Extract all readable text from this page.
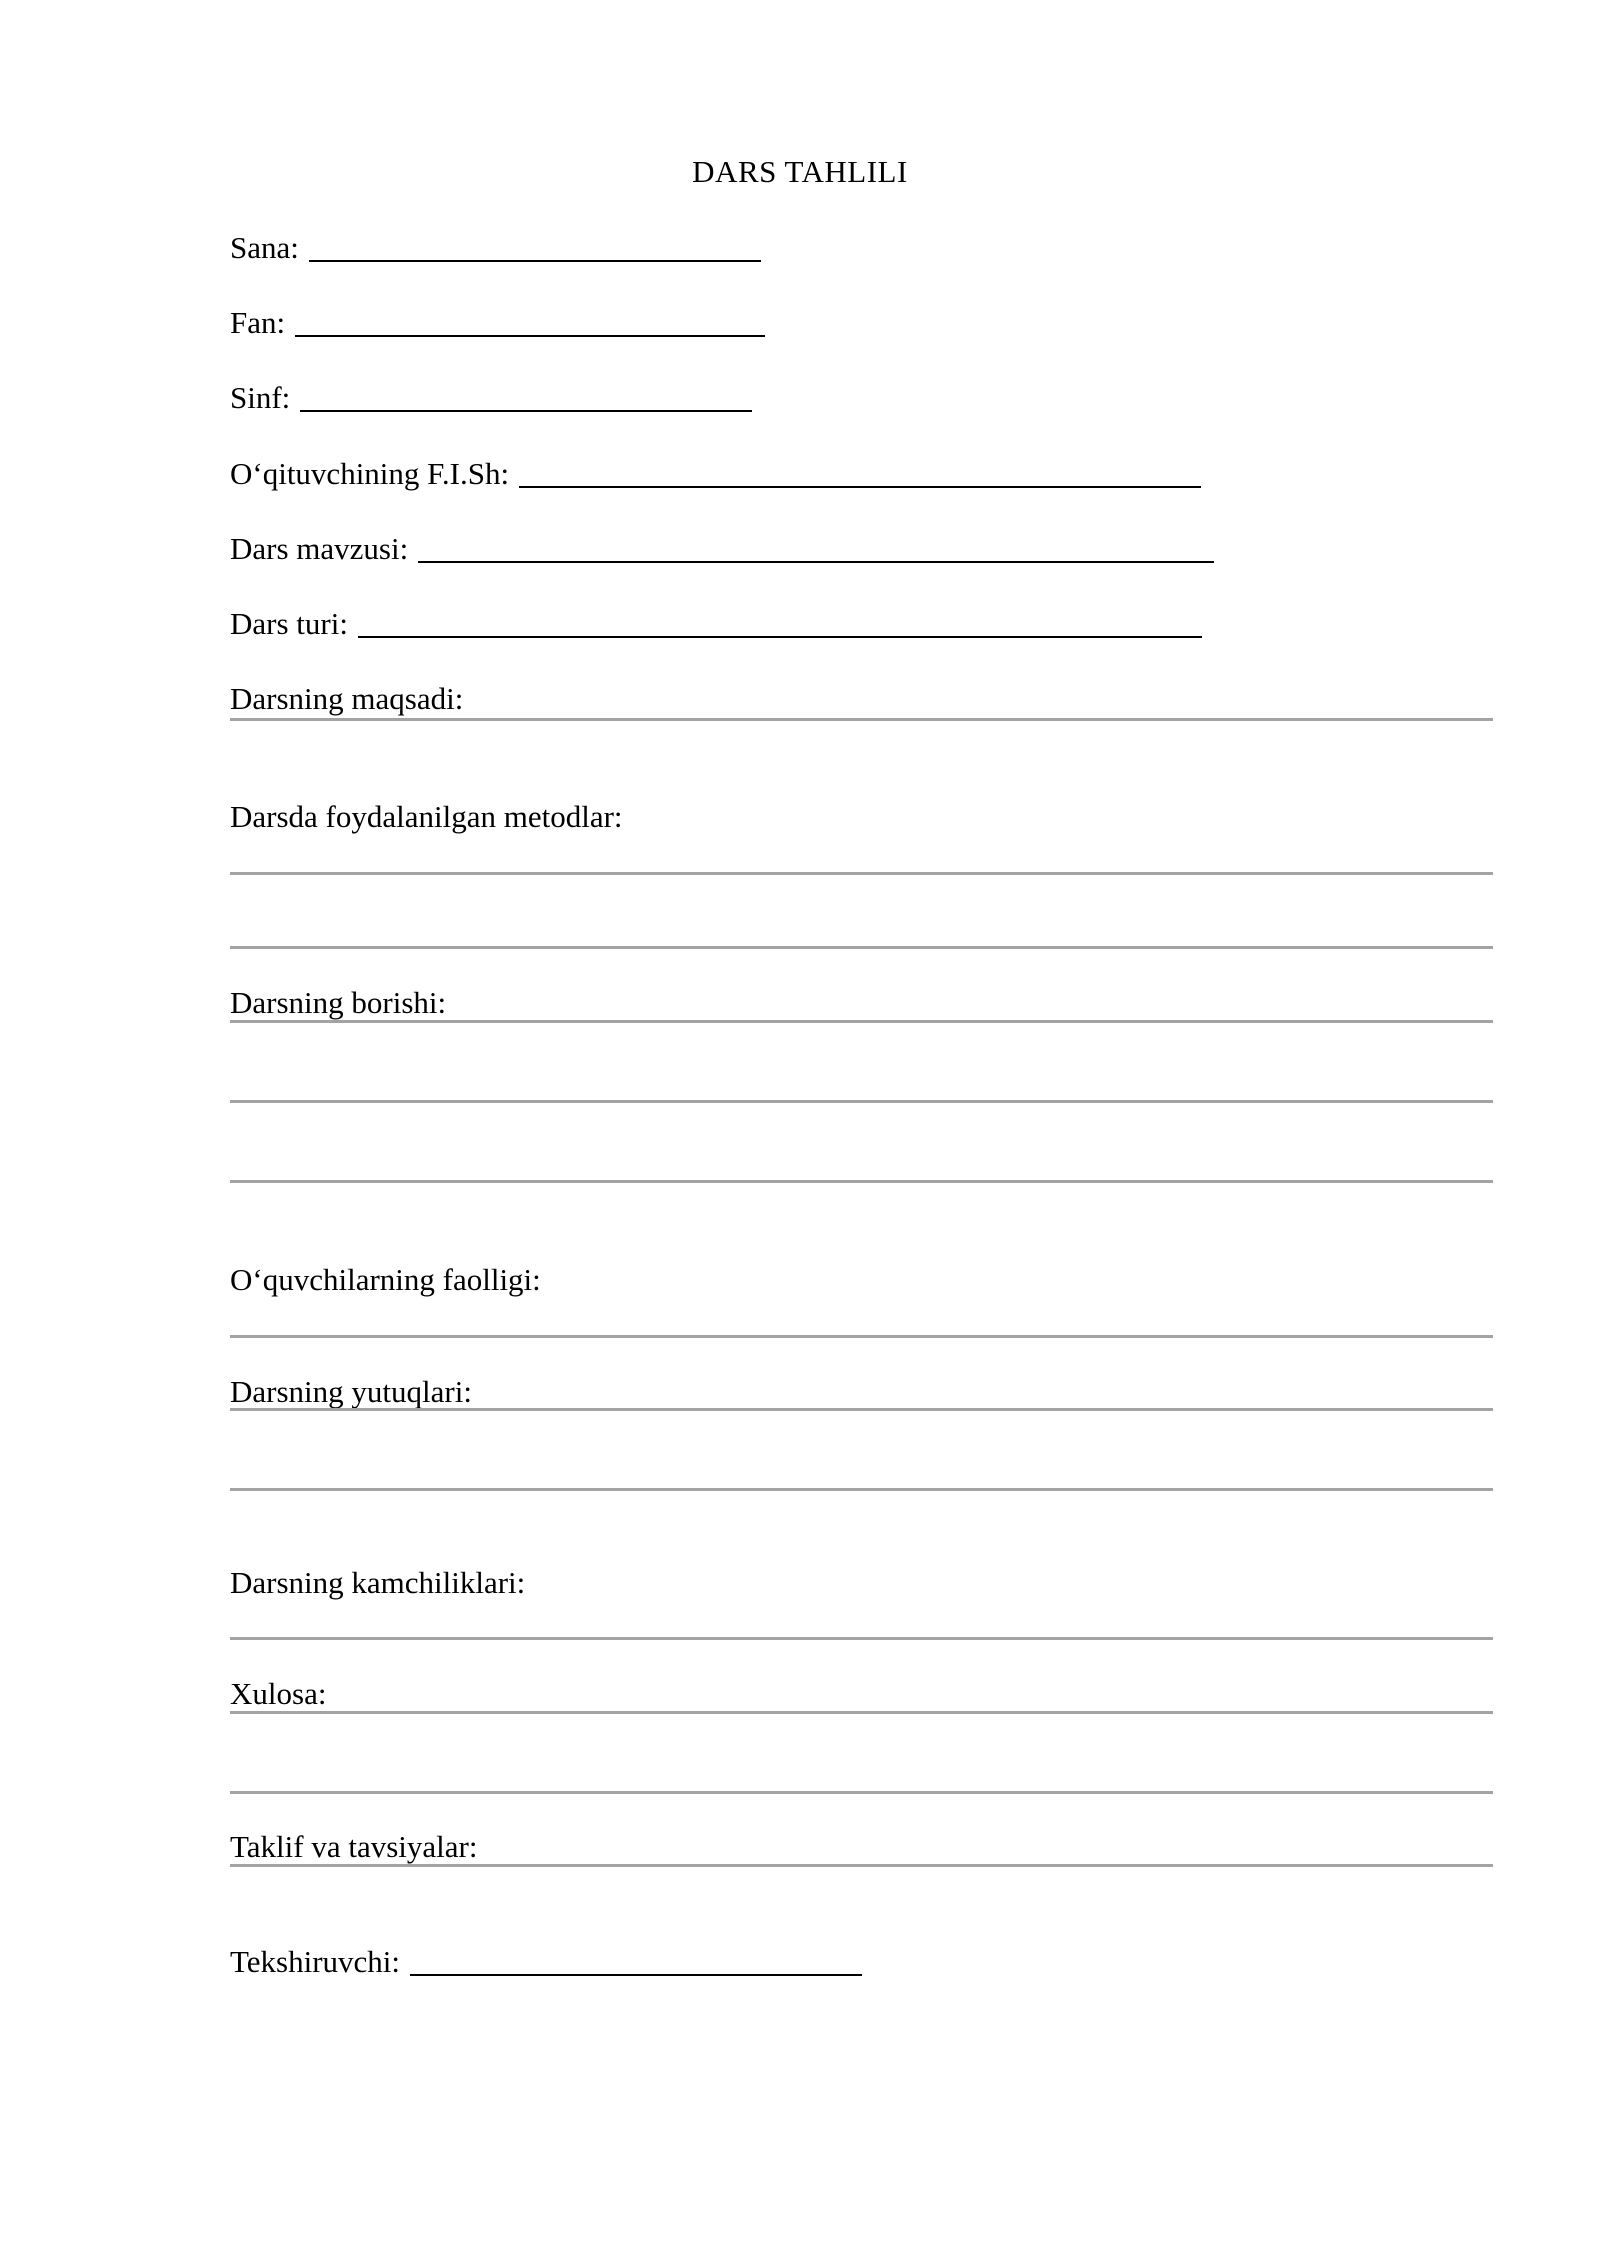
DARS TAHLILI
Sana:
Fan:
Sinf:
O‘qituvchining F.I.Sh:
Dars mavzusi:
Dars turi:
Darsning maqsadi:
Darsda foydalanilgan metodlar:
Darsning borishi:
O‘quvchilarning faolligi:
Darsning yutuqlari:
Darsning kamchiliklari:
Xulosa:
Taklif va tavsiyalar:
Tekshiruvchi:
